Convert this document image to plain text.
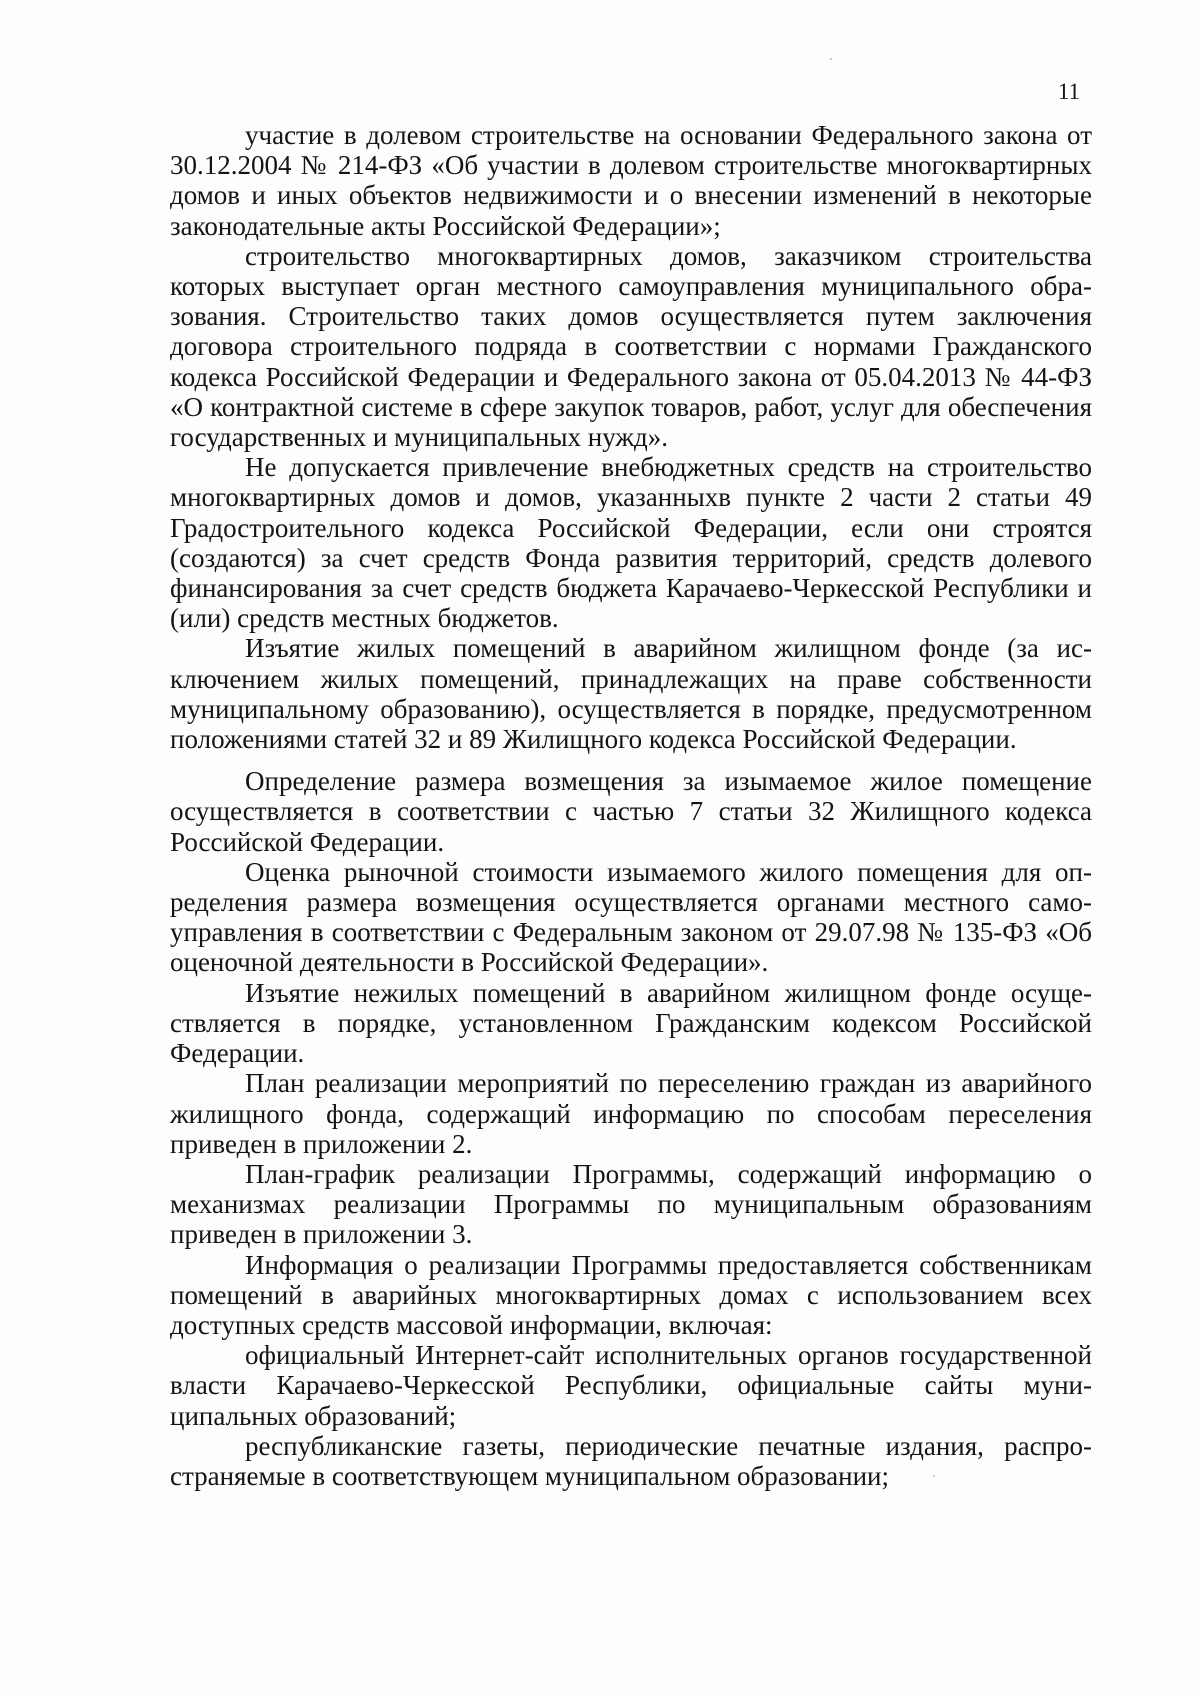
11

участие в долевом строительстве на основании Федерального закона от 30.12.2004 № 214-ФЗ «Об участии в долевом строительстве многоквартирных домов и иных объектов недвижимости и о внесении изменений в некоторые законодательные акты Российской Федерации»;

строительство многоквартирных домов, заказчиком строительства которых выступает орган местного самоуправления муниципального образования. Строительство таких домов осуществляется путем заключения договора строительного подряда в соответствии с нормами Гражданского кодекса Российской Федерации и Федерального закона от 05.04.2013 № 44-ФЗ «О контрактной системе в сфере закупок товаров, работ, услуг для обеспечения государственных и муниципальных нужд».

Не допускается привлечение внебюджетных средств на строительство многоквартирных домов и домов, указанныхв пункте 2 части 2 статьи 49 Градостроительного кодекса Российской Федерации, если они строятся (создаются) за счет средств Фонда развития территорий, средств долевого финансирования за счет средств бюджета Карачаево-Черкесской Республики и (или) средств местных бюджетов.

Изъятие жилых помещений в аварийном жилищном фонде (за исключением жилых помещений, принадлежащих на праве собственности муниципальному образованию), осуществляется в порядке, предусмотренном положениями статей 32 и 89 Жилищного кодекса Российской Федерации.

Определение размера возмещения за изымаемое жилое помещение осуществляется в соответствии с частью 7 статьи 32 Жилищного кодекса Российской Федерации.

Оценка рыночной стоимости изымаемого жилого помещения для определения размера возмещения осуществляется органами местного самоуправления в соответствии с Федеральным законом от 29.07.98 № 135-ФЗ «Об оценочной деятельности в Российской Федерации».

Изъятие нежилых помещений в аварийном жилищном фонде осуществляется в порядке, установленном Гражданским кодексом Российской Федерации.

План реализации мероприятий по переселению граждан из аварийного жилищного фонда, содержащий информацию по способам переселения приведен в приложении 2.

План-график реализации Программы, содержащий информацию о механизмах реализации Программы по муниципальным образованиям приведен в приложении 3.

Информация о реализации Программы предоставляется собственникам помещений в аварийных многоквартирных домах с использованием всех доступных средств массовой информации, включая:

официальный Интернет-сайт исполнительных органов государственной власти Карачаево-Черкесской Республики, официальные сайты муниципальных образований;

республиканские газеты, периодические печатные издания, распространяемые в соответствующем муниципальном образовании;
